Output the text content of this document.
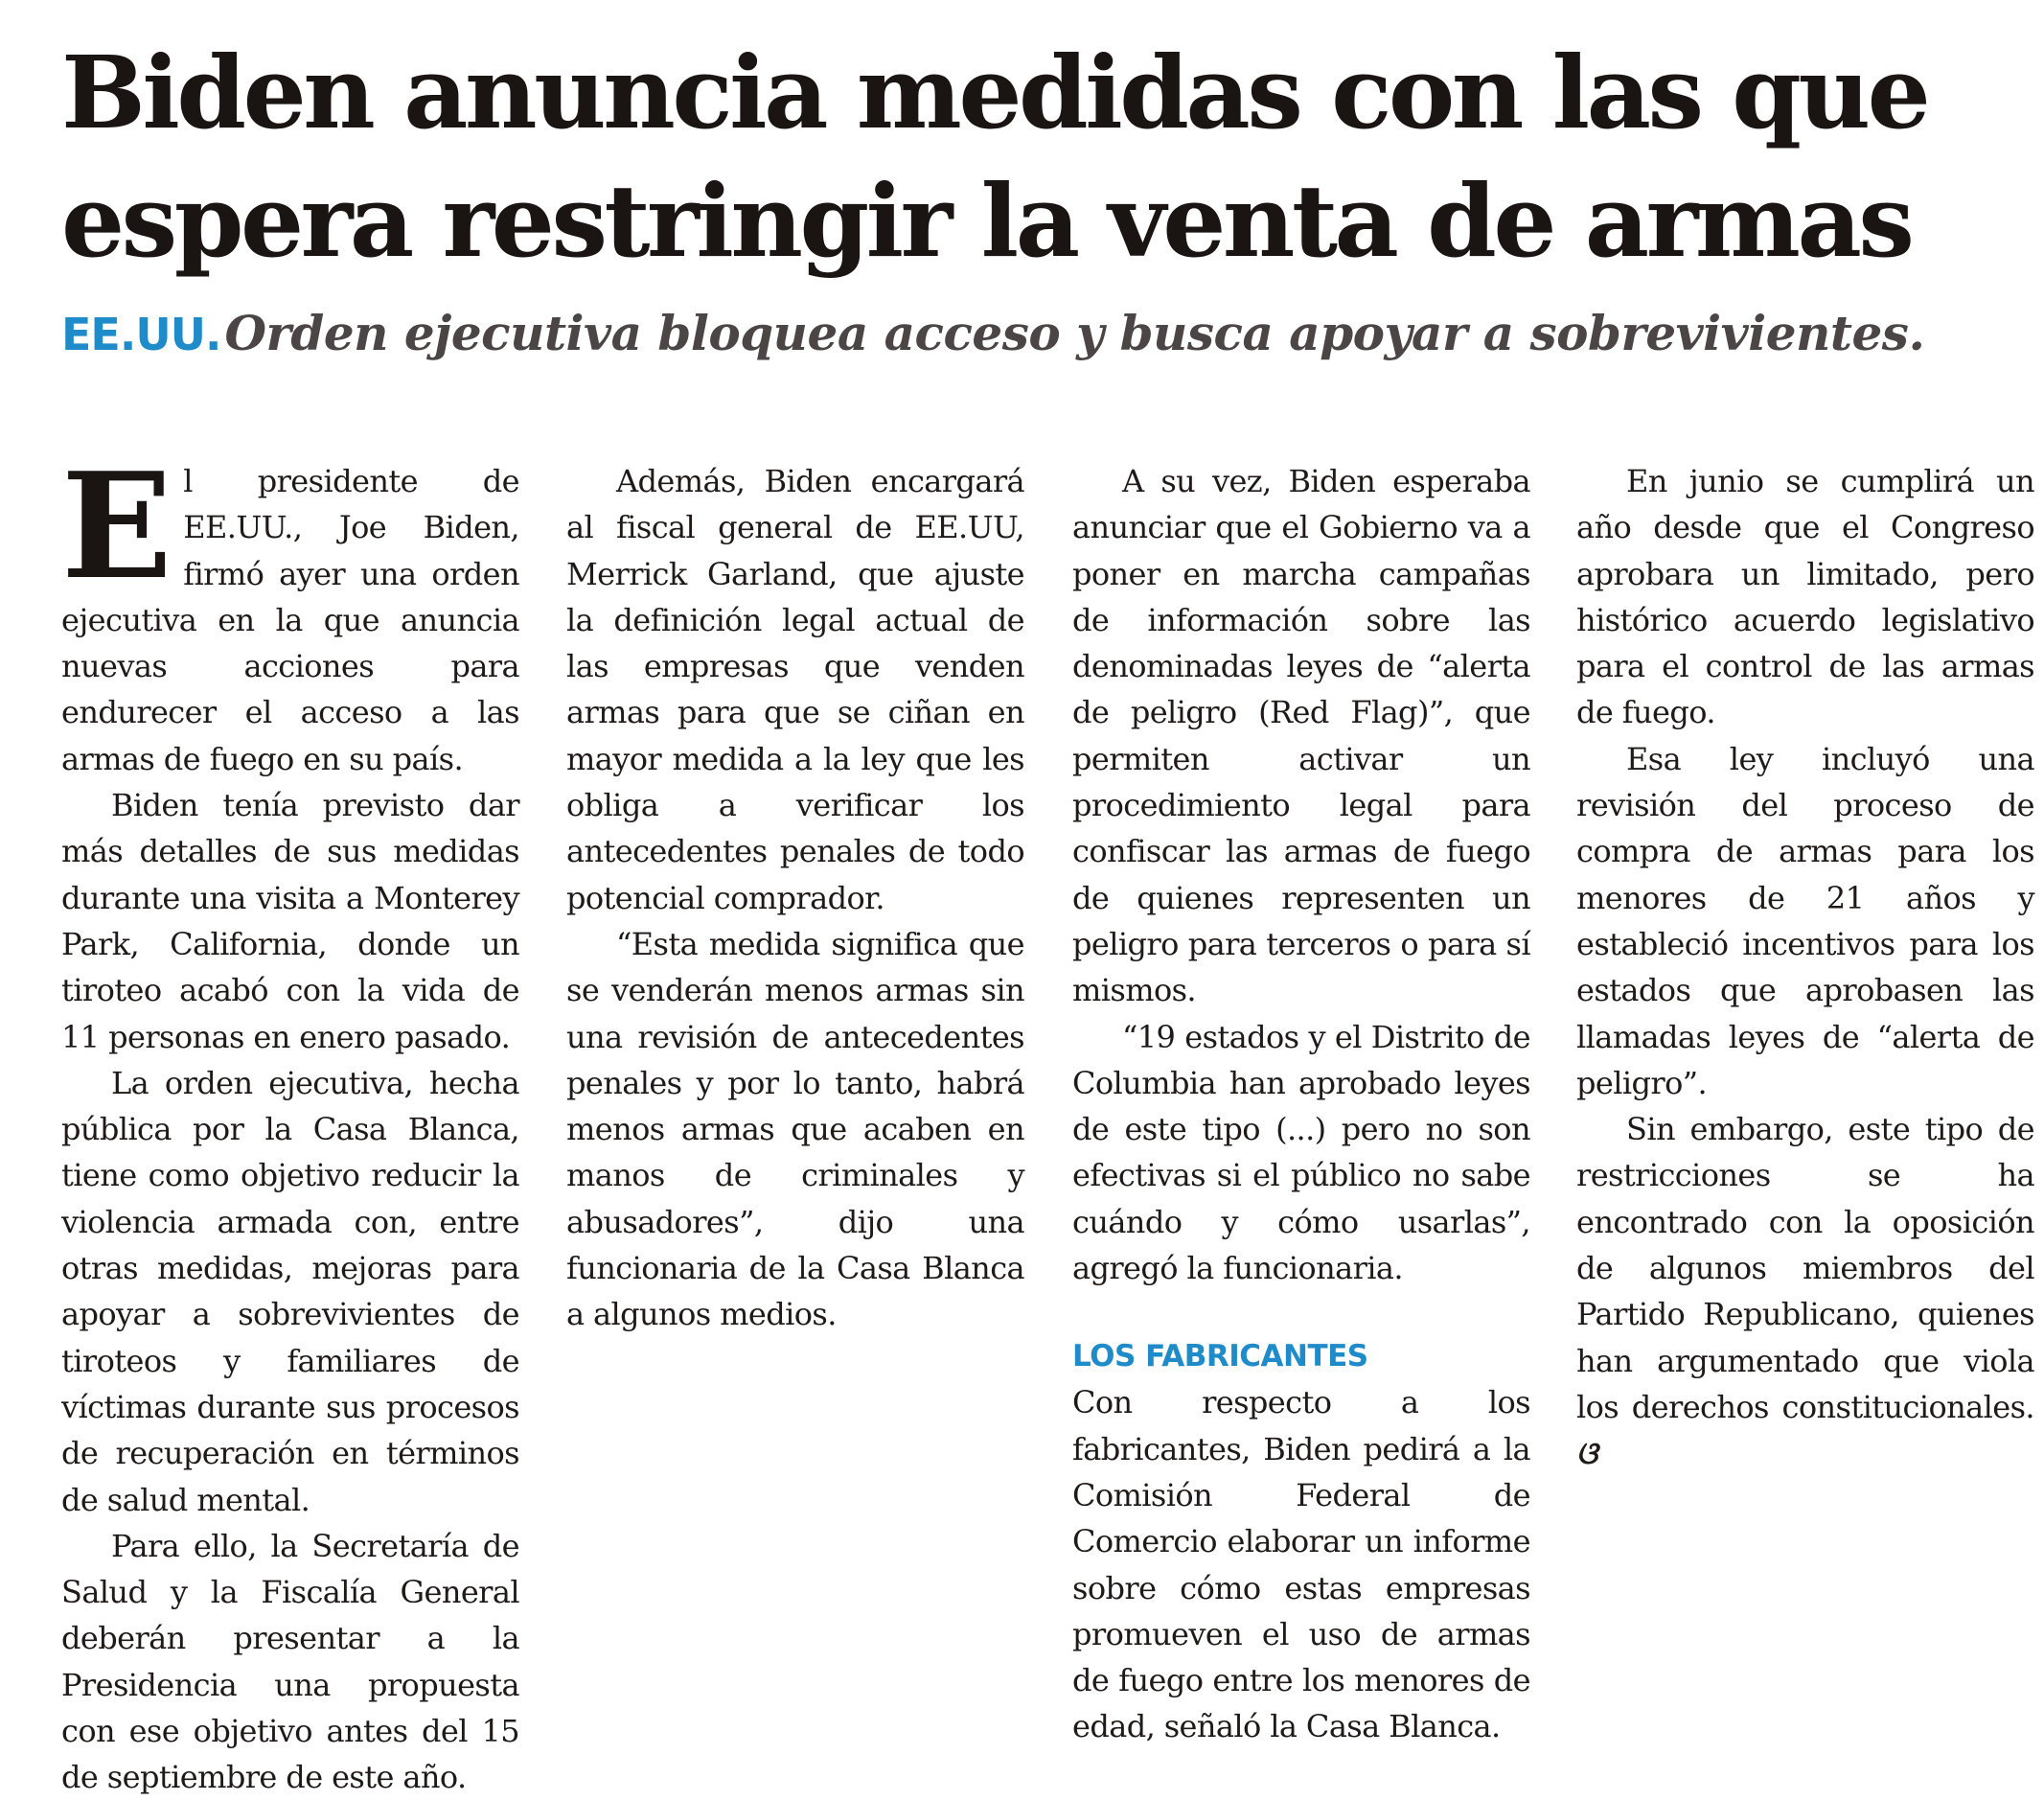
Biden anuncia medidas con las que
espera restringir la venta de armas
EE.UU. Orden ejecutiva bloquea acceso y busca apoyar a sobrevivientes.

El presidente de EE.UU., Joe Biden, firmó ayer una orden ejecutiva en la que anuncia nuevas acciones para endurecer el acceso a las armas de fuego en su país.

Biden tenía previsto dar más detalles de sus medidas durante una visita a Monterey Park, California, donde un tiroteo acabó con la vida de 11 personas en enero pasado.

La orden ejecutiva, hecha pública por la Casa Blanca, tiene como objetivo reducir la violencia armada con, entre otras medidas, mejoras para apoyar a sobrevivientes de tiroteos y familiares de víctimas durante sus procesos de recuperación en términos de salud mental.

Para ello, la Secretaría de Salud y la Fiscalía General deberán presentar a la Presidencia una propuesta con ese objetivo antes del 15 de septiembre de este año.

Además, Biden encargará al fiscal general de EE.UU, Merrick Garland, que ajuste la definición legal actual de las empresas que venden armas para que se ciñan en mayor medida a la ley que les obliga a verificar los antecedentes penales de todo potencial comprador.

“Esta medida significa que se venderán menos armas sin una revisión de antecedentes penales y por lo tanto, habrá menos armas que acaben en manos de criminales y abusadores”, dijo una funcionaria de la Casa Blanca a algunos medios.

A su vez, Biden esperaba anunciar que el Gobierno va a poner en marcha campañas de información sobre las denominadas leyes de “alerta de peligro (Red Flag)”, que permiten activar un procedimiento legal para confiscar las armas de fuego de quienes representen un peligro para terceros o para sí mismos.

“19 estados y el Distrito de Columbia han aprobado leyes de este tipo (...) pero no son efectivas si el público no sabe cuándo y cómo usarlas”, agregó la funcionaria.

LOS FABRICANTES

Con respecto a los fabricantes, Biden pedirá a la Comisión Federal de Comercio elaborar un informe sobre cómo estas empresas promueven el uso de armas de fuego entre los menores de edad, señaló la Casa Blanca.

En junio se cumplirá un año desde que el Congreso aprobara un limitado, pero histórico acuerdo legislativo para el control de las armas de fuego.

Esa ley incluyó una revisión del proceso de compra de armas para los menores de 21 años y estableció incentivos para los estados que aprobasen las llamadas leyes de “alerta de peligro”.

Sin embargo, este tipo de restricciones se ha encontrado con la oposición de algunos miembros del Partido Republicano, quienes han argumentado que viola los derechos constitucionales. ଓ
